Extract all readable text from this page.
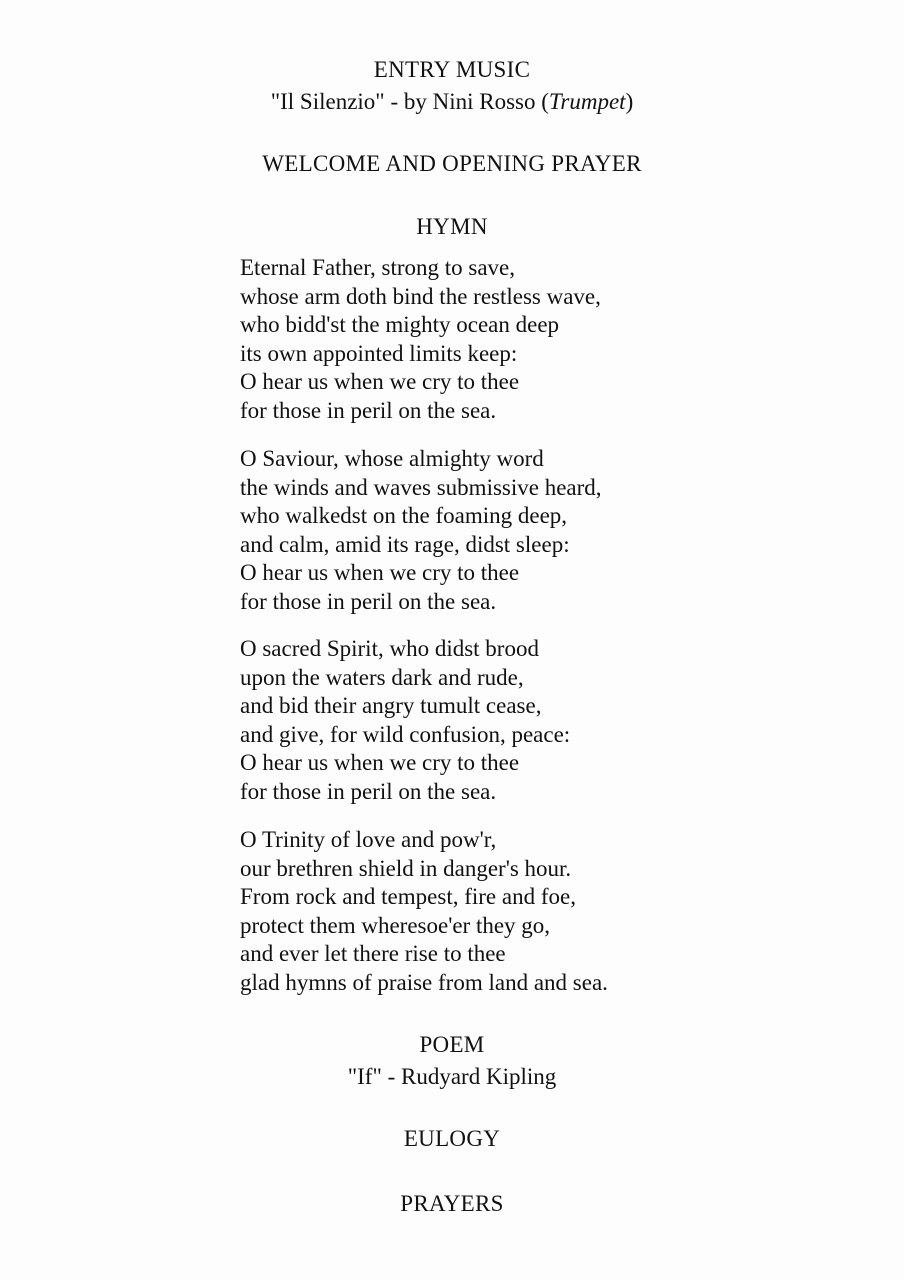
ENTRY MUSIC
"Il Silenzio" - by Nini Rosso (Trumpet)
WELCOME AND OPENING PRAYER
HYMN
Eternal Father, strong to save,
whose arm doth bind the restless wave,
who bidd'st the mighty ocean deep
its own appointed limits keep:
O hear us when we cry to thee
for those in peril on the sea.
O Saviour, whose almighty word
the winds and waves submissive heard,
who walkedst on the foaming deep,
and calm, amid its rage, didst sleep:
O hear us when we cry to thee
for those in peril on the sea.
O sacred Spirit, who didst brood
upon the waters dark and rude,
and bid their angry tumult cease,
and give, for wild confusion, peace:
O hear us when we cry to thee
for those in peril on the sea.
O Trinity of love and pow'r,
our brethren shield in danger's hour.
From rock and tempest, fire and foe,
protect them wheresoe'er they go,
and ever let there rise to thee
glad hymns of praise from land and sea.
POEM
"If" - Rudyard Kipling
EULOGY
PRAYERS
